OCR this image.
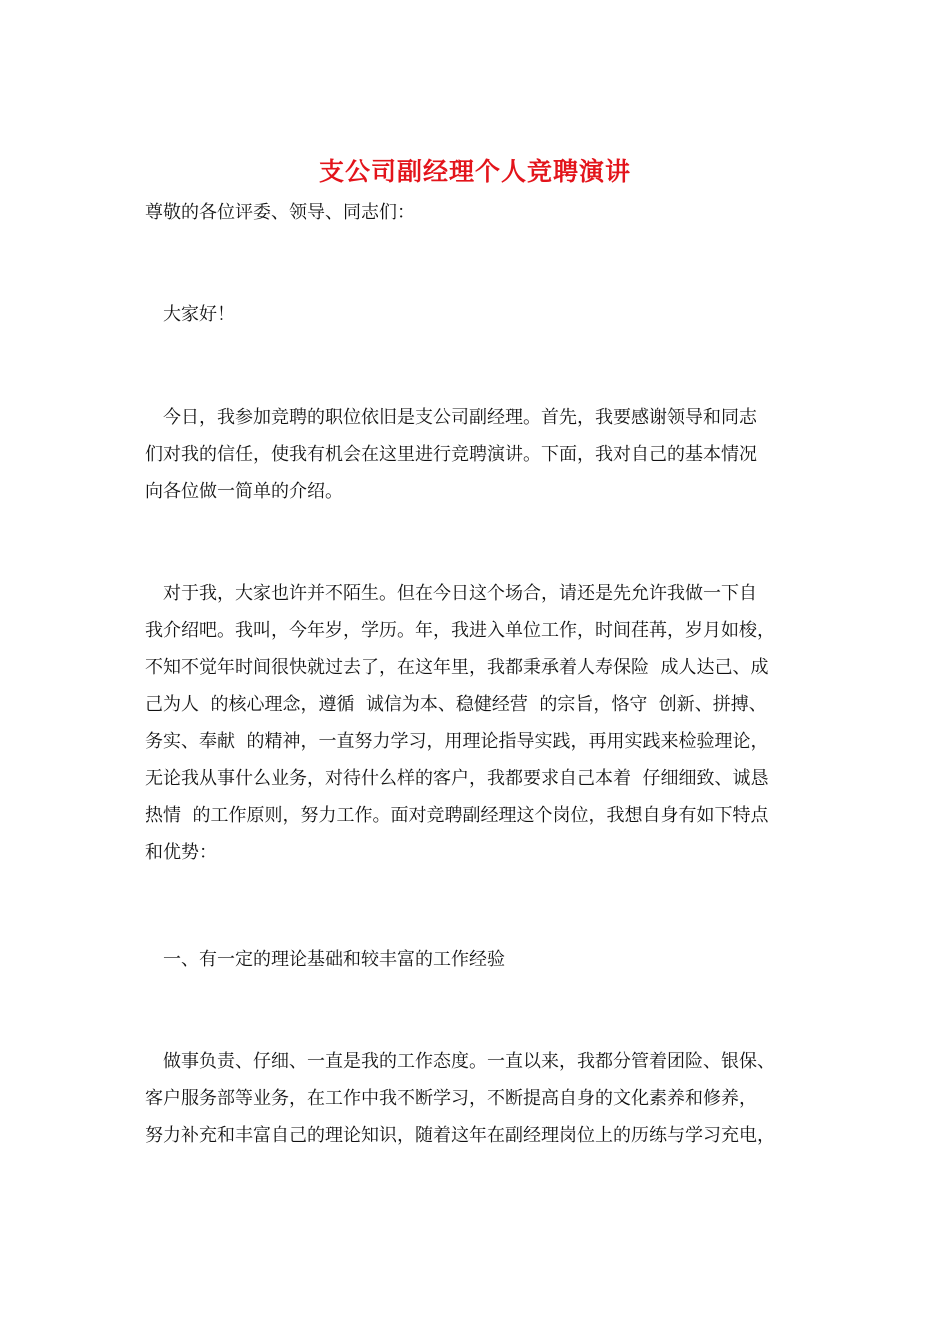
支公司副经理个人竞聘演讲
尊敬的各位评委、领导、同志们：
　大家好！
　今日，我参加竞聘的职位依旧是支公司副经理。首先，我要感谢领导和同志
们对我的信任，使我有机会在这里进行竞聘演讲。下面，我对自己的基本情况
向各位做一简单的介绍。
　对于我，大家也许并不陌生。但在今日这个场合，请还是先允许我做一下自
我介绍吧。我叫，今年岁，学历。年，我进入单位工作，时间荏苒，岁月如梭，
不知不觉年时间很快就过去了，在这年里，我都秉承着人寿保险  成人达己、成
己为人  的核心理念，遵循  诚信为本、稳健经营  的宗旨，恪守  创新、拼搏、
务实、奉献  的精神，一直努力学习，用理论指导实践，再用实践来检验理论，
无论我从事什么业务，对待什么样的客户，我都要求自己本着  仔细细致、诚恳
热情  的工作原则，努力工作。面对竞聘副经理这个岗位，我想自身有如下特点
和优势：
　一、有一定的理论基础和较丰富的工作经验
　做事负责、仔细、一直是我的工作态度。一直以来，我都分管着团险、银保、
客户服务部等业务，在工作中我不断学习，不断提高自身的文化素养和修养，
努力补充和丰富自己的理论知识，随着这年在副经理岗位上的历练与学习充电，
